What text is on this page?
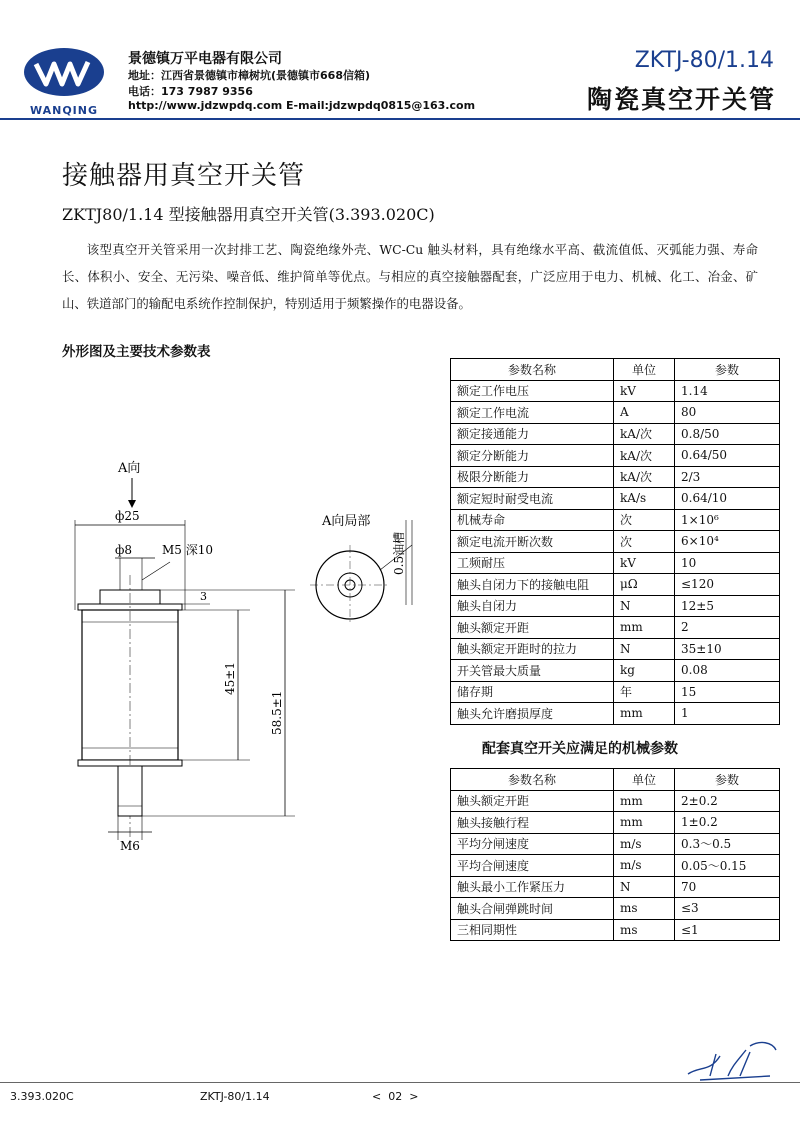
WANQING
景德镇万平电器有限公司
地址：江西省景德镇市樟树坑(景德镇市668信箱)
电话：173 7987 9356
http://www.jdzwpdq.com E-mail:jdzwpdq0815@163.com
ZKTJ-80/1.14
陶瓷真空开关管
接触器用真空开关管
ZKTJ80/1.14 型接触器用真空开关管(3.393.020C)
该型真空开关管采用一次封排工艺、陶瓷绝缘外壳、WC-Cu 触头材料，具有绝缘水平高、截流值低、灭弧能力强、寿命长、体积小、安全、无污染、噪音低、维护简单等优点。与相应的真空接触器配套，广泛应用于电力、机械、化工、冶金、矿山、铁道部门的输配电系统作控制保护，特别适用于频繁操作的电器设备。
外形图及主要技术参数表
A向
ф25
ф8 M5 深10
3
M6
45±1
58.5±1
A向局部
0.5油槽
参数名称	单位	参数
额定工作电压	kV	1.14
额定工作电流	A	80
额定接通能力	kA/次	0.8/50
额定分断能力	kA/次	0.64/50
极限分断能力	kA/次	2/3
额定短时耐受电流	kA/s	0.64/10
机械寿命	次	1×10⁶
额定电流开断次数	次	6×10⁴
工频耐压	kV	10
触头自闭力下的接触电阻	μΩ	≤120
触头自闭力	N	12±5
触头额定开距	mm	2
触头额定开距时的拉力	N	35±10
开关管最大质量	kg	0.08
储存期	年	15
触头允许磨损厚度	mm	1
配套真空开关应满足的机械参数
参数名称	单位	参数
触头额定开距	mm	2±0.2
触头接触行程	mm	1±0.2
平均分闸速度	m/s	0.3～0.5
平均合闸速度	m/s	0.05～0.15
触头最小工作紧压力	N	70
触头合闸弹跳时间	ms	≤3
三相同期性	ms	≤1
3.393.020C	ZKTJ-80/1.14	<  02  >
